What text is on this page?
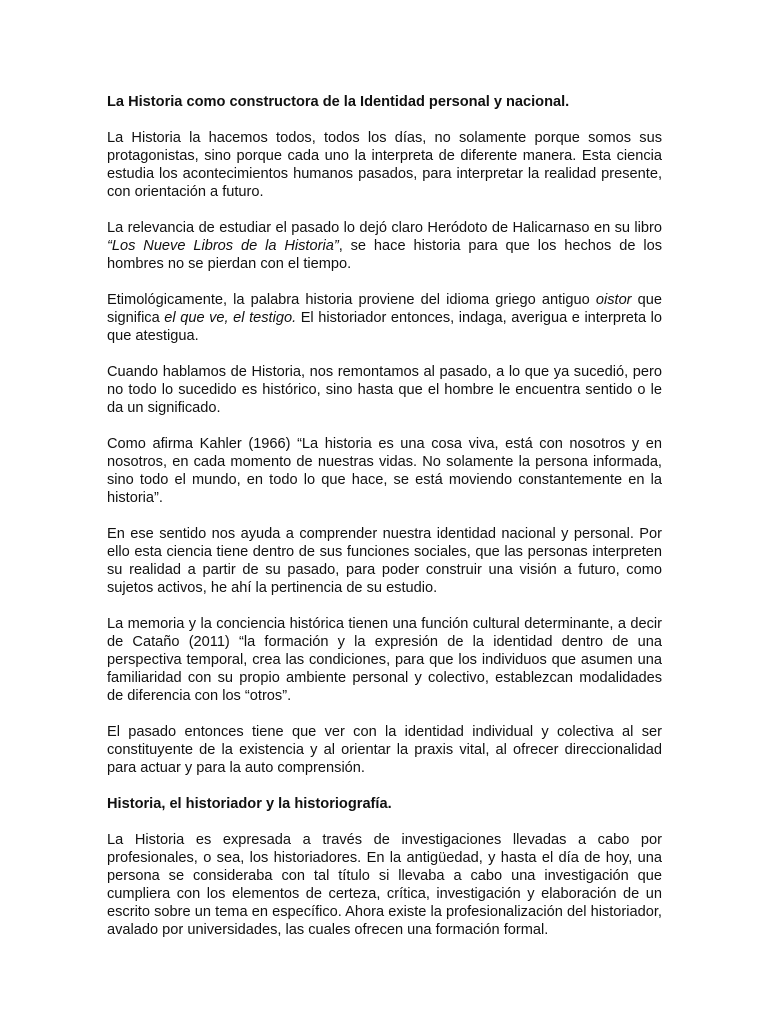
La Historia como constructora de la Identidad personal y nacional.

La Historia la hacemos todos, todos los días, no solamente porque somos sus protagonistas, sino porque cada uno la interpreta de diferente manera. Esta ciencia estudia los acontecimientos humanos pasados, para interpretar la realidad presente, con orientación a futuro.

La relevancia de estudiar el pasado lo dejó claro Heródoto de Halicarnaso en su libro “Los Nueve Libros de la Historia”, se hace historia para que los hechos de los hombres no se pierdan con el tiempo.

Etimológicamente, la palabra historia proviene del idioma griego antiguo oistor que significa el que ve, el testigo. El historiador entonces, indaga, averigua e interpreta lo que atestigua.

Cuando hablamos de Historia, nos remontamos al pasado, a lo que ya sucedió, pero no todo lo sucedido es histórico, sino hasta que el hombre le encuentra sentido o le da un significado.

Como afirma Kahler (1966) “La historia es una cosa viva, está con nosotros y en nosotros, en cada momento de nuestras vidas. No solamente la persona informada, sino todo el mundo, en todo lo que hace, se está moviendo constantemente en la historia”.

En ese sentido nos ayuda a comprender nuestra identidad nacional y personal. Por ello esta ciencia tiene dentro de sus funciones sociales, que las personas interpreten su realidad a partir de su pasado, para poder construir una visión a futuro, como sujetos activos, he ahí la pertinencia de su estudio.

La memoria y la conciencia histórica tienen una función cultural determinante, a decir de Cataño (2011) “la formación y la expresión de la identidad dentro de una perspectiva temporal, crea las condiciones, para que los individuos que asumen una familiaridad con su propio ambiente personal y colectivo, establezcan modalidades de diferencia con los “otros”.

El pasado entonces tiene que ver con la identidad individual y colectiva al ser constituyente de la existencia y al orientar la praxis vital, al ofrecer direccionalidad para actuar y para la auto comprensión.

Historia, el historiador y la historiografía.

La Historia es expresada a través de investigaciones llevadas a cabo por profesionales, o sea, los historiadores. En la antigüedad, y hasta el día de hoy, una persona se consideraba con tal título si llevaba a cabo una investigación que cumpliera con los elementos de certeza, crítica, investigación y elaboración de un escrito sobre un tema en específico. Ahora existe la profesionalización del historiador, avalado por universidades, las cuales ofrecen una formación formal.
